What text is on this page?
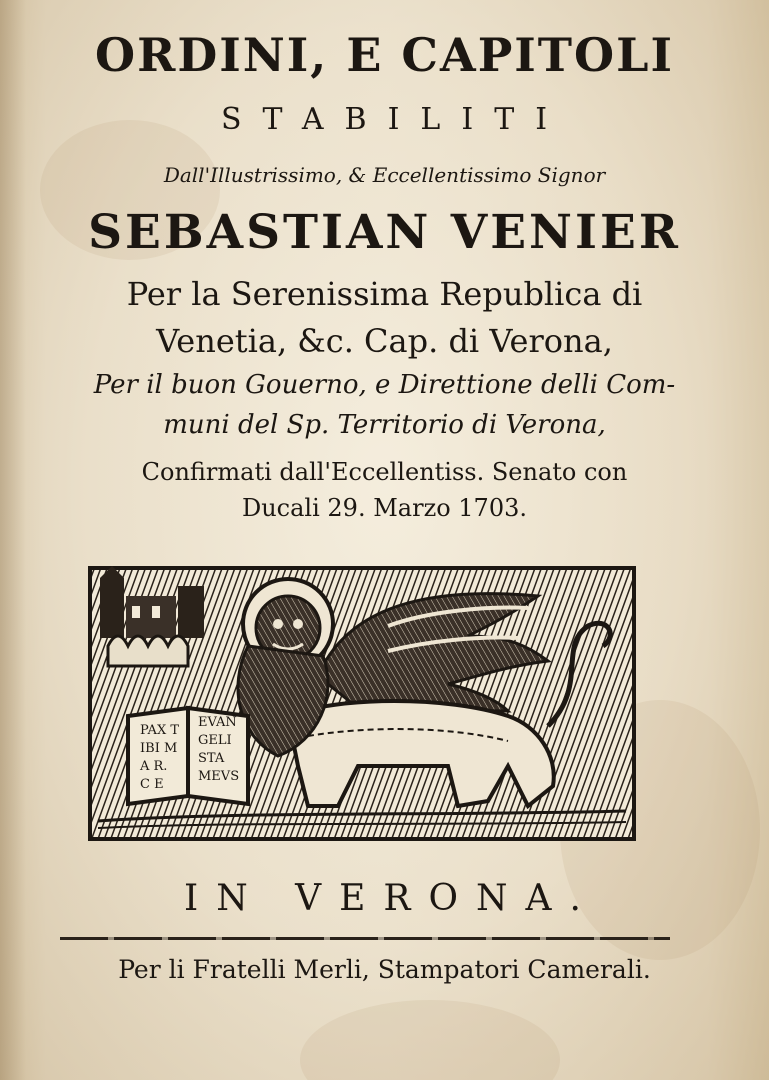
ORDINI, E CAPITOLI
STABILITI
Dall'Illustrissimo, & Eccellentissimo Signor
SEBASTIAN VENIER
Per la Serenissima Republica di
Venetia, &c. Cap. di Verona,
Per il buon Gouerno, e Direttione delli Com-
muni del Sp. Territorio di Verona,
Confirmati dall'Eccellentiss. Senato con
Ducali 29. Marzo 1703.
PAX T
IBI M
A R.
C E
EVAN
GELI
STA
MEVS
IN VERONA.
Per li Fratelli Merli, Stampatori Camerali.
